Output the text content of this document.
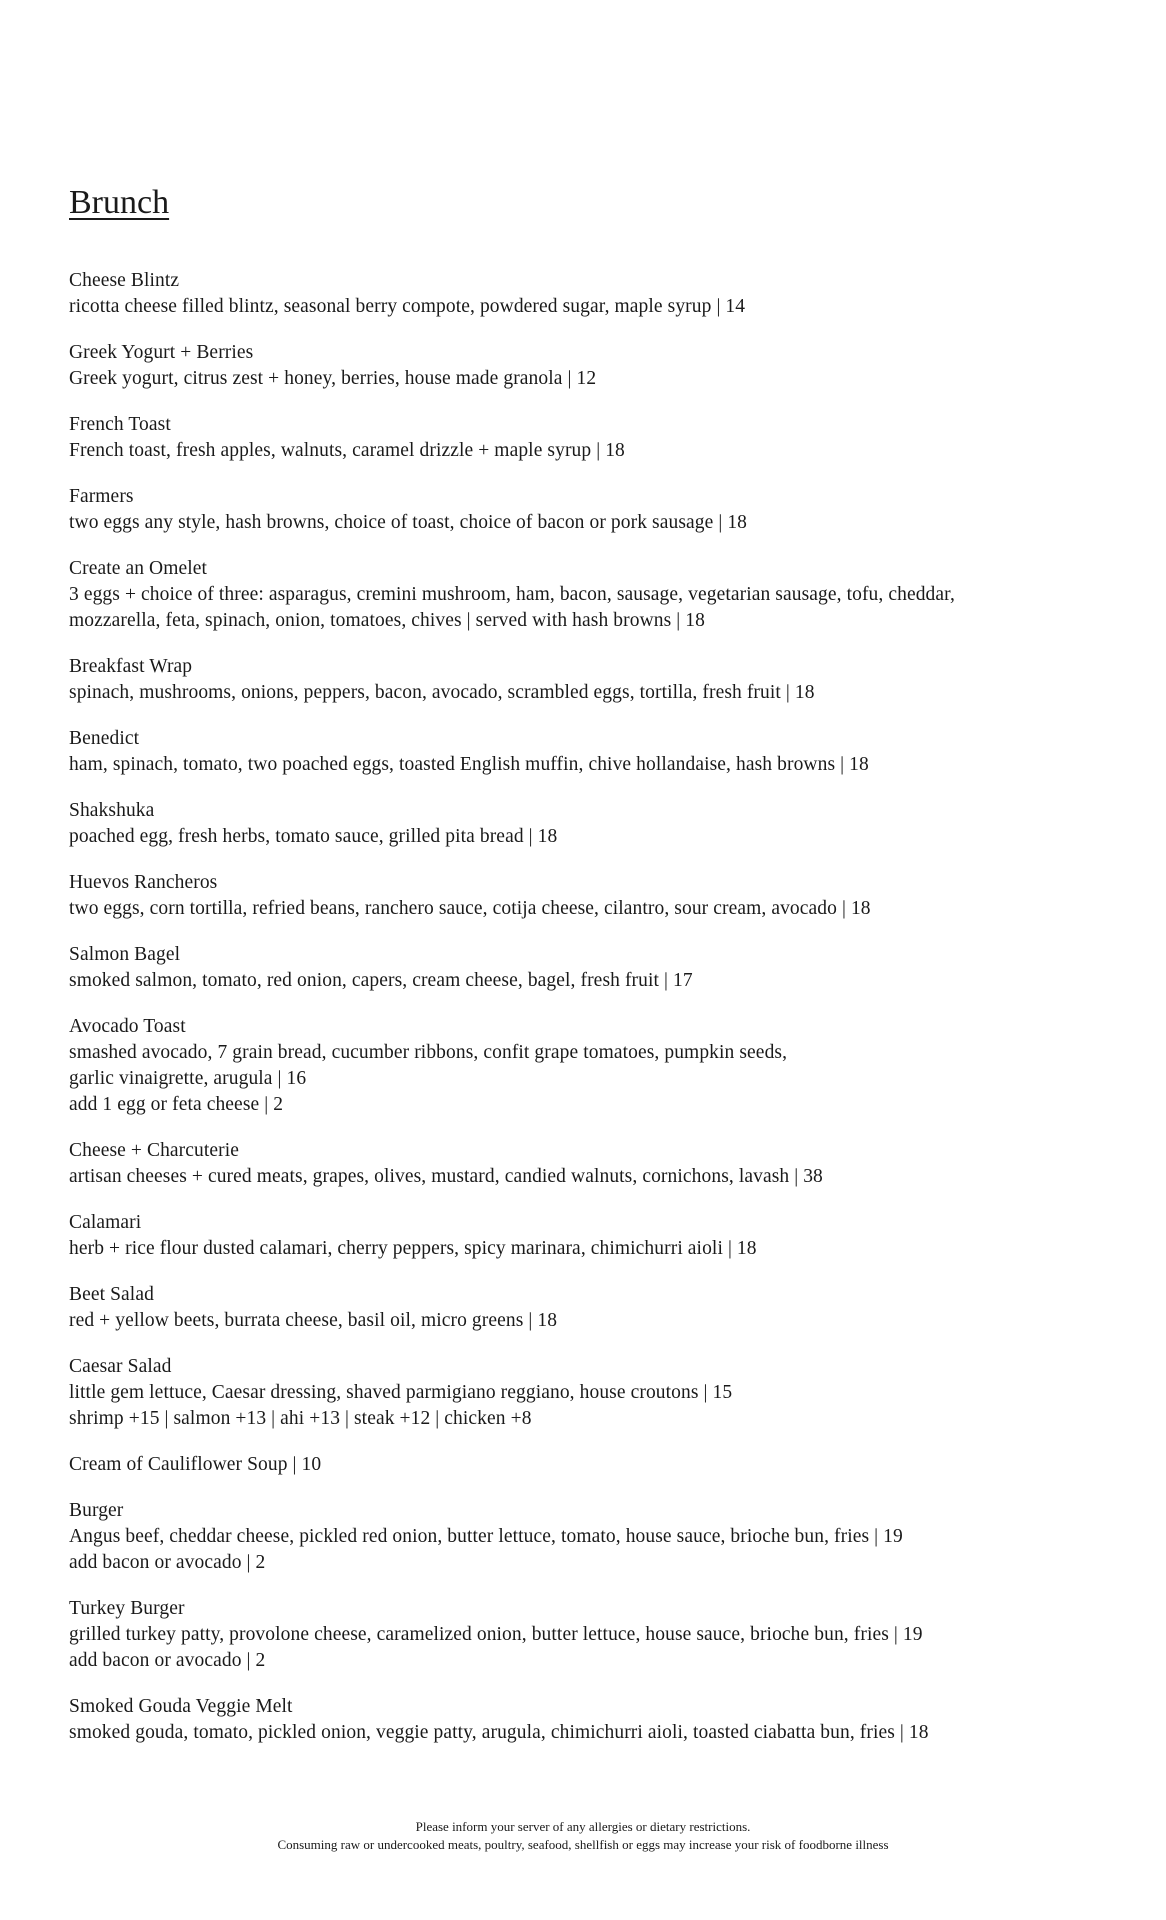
Brunch
Cheese Blintz
ricotta cheese filled blintz, seasonal berry compote, powdered sugar, maple syrup | 14
Greek Yogurt + Berries
Greek yogurt, citrus zest + honey, berries, house made granola | 12
French Toast
French toast, fresh apples, walnuts, caramel drizzle + maple syrup | 18
Farmers
two eggs any style, hash browns, choice of toast, choice of bacon or pork sausage | 18
Create an Omelet
3 eggs + choice of three: asparagus, cremini mushroom, ham, bacon, sausage, vegetarian sausage, tofu, cheddar,
mozzarella, feta, spinach, onion, tomatoes, chives | served with hash browns | 18
Breakfast Wrap
spinach, mushrooms, onions, peppers, bacon, avocado, scrambled eggs, tortilla, fresh fruit | 18
Benedict
ham, spinach, tomato, two poached eggs, toasted English muffin, chive hollandaise, hash browns | 18
Shakshuka
poached egg, fresh herbs, tomato sauce, grilled pita bread | 18
Huevos Rancheros
two eggs, corn tortilla, refried beans, ranchero sauce, cotija cheese, cilantro, sour cream, avocado | 18
Salmon Bagel
smoked salmon, tomato, red onion, capers, cream cheese, bagel, fresh fruit | 17
Avocado Toast
smashed avocado, 7 grain bread, cucumber ribbons, confit grape tomatoes, pumpkin seeds,
garlic vinaigrette, arugula | 16
add 1 egg or feta cheese | 2
Cheese + Charcuterie
artisan cheeses + cured meats, grapes, olives, mustard, candied walnuts, cornichons, lavash | 38
Calamari
herb + rice flour dusted calamari, cherry peppers, spicy marinara, chimichurri aioli | 18
Beet Salad
red + yellow beets, burrata cheese, basil oil, micro greens | 18
Caesar Salad
little gem lettuce, Caesar dressing, shaved parmigiano reggiano, house croutons | 15
shrimp +15 | salmon +13 | ahi +13 | steak +12 | chicken +8
Cream of Cauliflower Soup | 10
Burger
Angus beef, cheddar cheese, pickled red onion, butter lettuce, tomato, house sauce, brioche bun, fries | 19
add bacon or avocado | 2
Turkey Burger
grilled turkey patty, provolone cheese, caramelized onion, butter lettuce, house sauce, brioche bun, fries | 19
add bacon or avocado | 2
Smoked Gouda Veggie Melt
smoked gouda, tomato, pickled onion, veggie patty, arugula, chimichurri aioli, toasted ciabatta bun, fries | 18
Please inform your server of any allergies or dietary restrictions.
Consuming raw or undercooked meats, poultry, seafood, shellfish or eggs may increase your risk of foodborne illness
